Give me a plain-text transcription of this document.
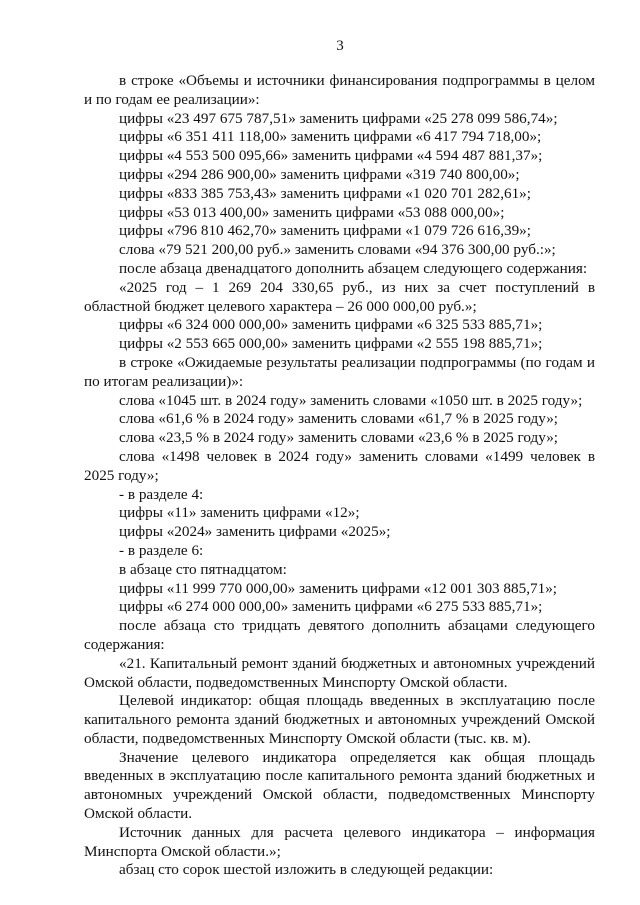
3

в строке «Объемы и источники финансирования подпрограммы в целом и по годам ее реализации»:

цифры «23 497 675 787,51» заменить цифрами «25 278 099 586,74»;

цифры «6 351 411 118,00» заменить цифрами «6 417 794 718,00»;

цифры «4 553 500 095,66» заменить цифрами «4 594 487 881,37»;

цифры «294 286 900,00» заменить цифрами «319 740 800,00»;

цифры «833 385 753,43» заменить цифрами «1 020 701 282,61»;

цифры «53 013 400,00» заменить цифрами «53 088 000,00»;

цифры «796 810 462,70» заменить цифрами «1 079 726 616,39»;

слова «79 521 200,00 руб.» заменить словами «94 376 300,00 руб.:»;

после абзаца двенадцатого дополнить абзацем следующего содержания:

«2025 год – 1 269 204 330,65 руб., из них за счет поступлений в областной бюджет целевого характера – 26 000 000,00 руб.»;

цифры «6 324 000 000,00» заменить цифрами «6 325 533 885,71»;

цифры «2 553 665 000,00» заменить цифрами «2 555 198 885,71»;

в строке «Ожидаемые результаты реализации подпрограммы (по годам и по итогам реализации)»:

слова «1045 шт. в 2024 году» заменить словами «1050 шт. в 2025 году»;

слова «61,6 % в 2024 году» заменить словами «61,7 % в 2025 году»;

слова «23,5 % в 2024 году» заменить словами «23,6 % в 2025 году»;

слова «1498 человек в 2024 году» заменить словами «1499 человек в 2025 году»;

- в разделе 4:

цифры «11» заменить цифрами «12»;

цифры «2024» заменить цифрами «2025»;

- в разделе 6:

в абзаце сто пятнадцатом:

цифры «11 999 770 000,00» заменить цифрами «12 001 303 885,71»;

цифры «6 274 000 000,00» заменить цифрами «6 275 533 885,71»;

после абзаца сто тридцать девятого дополнить абзацами следующего содержания:

«21. Капитальный ремонт зданий бюджетных и автономных учреждений Омской области, подведомственных Минспорту Омской области.

Целевой индикатор: общая площадь введенных в эксплуатацию после капитального ремонта зданий бюджетных и автономных учреждений Омской области, подведомственных Минспорту Омской области (тыс. кв. м).

Значение целевого индикатора определяется как общая площадь введенных в эксплуатацию после капитального ремонта зданий бюджетных и автономных учреждений Омской области, подведомственных Минспорту Омской области.

Источник данных для расчета целевого индикатора – информация Минспорта Омской области.»;

абзац сто сорок шестой изложить в следующей редакции:
